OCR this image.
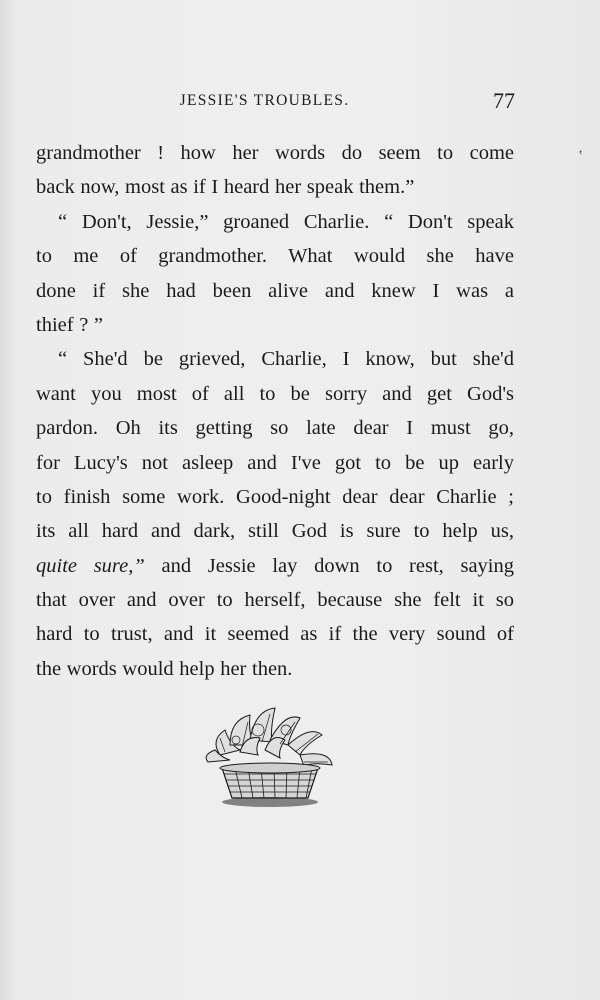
JESSIE'S TROUBLES.	77
‛
grandmother ! how her words do seem to come
back now, most as if I heard her speak them.”
“ Don't, Jessie,” groaned Charlie. “ Don't speak
to me of grandmother. What would she have
done if she had been alive and knew I was a
thief ? ”
“ She'd be grieved, Charlie, I know, but she'd
want you most of all to be sorry and get God's
pardon. Oh its getting so late dear I must go,
for Lucy's not asleep and I've got to be up early
to finish some work. Good-night dear dear Charlie ;
its all hard and dark, still God is sure to help us,
quite sure,” and Jessie lay down to rest, saying
that over and over to herself, because she felt it so
hard to trust, and it seemed as if the very sound of
the words would help her then.
